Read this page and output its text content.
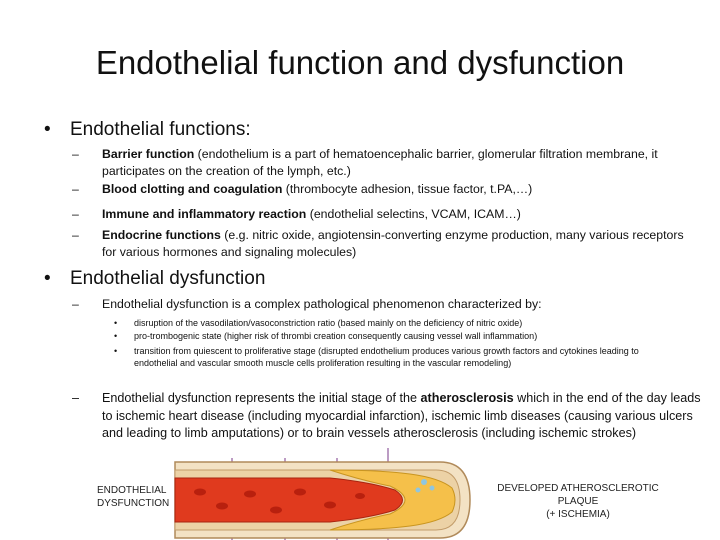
Endothelial function and dysfunction
•	Endothelial functions:
–	Barrier function (endothelium is a part of hematoencephalic barrier, glomerular filtration membrane, it participates on the creation of the lymph, etc.)
–	Blood clotting and coagulation (thrombocyte adhesion, tissue factor, t.PA,…)
–	Immune and inflammatory reaction (endothelial selectins, VCAM, ICAM…)
–	Endocrine functions (e.g. nitric oxide, angiotensin-converting enzyme production, many various receptors for various hormones and signaling molecules)
•	Endothelial dysfunction
–	Endothelial dysfunction is a complex pathological phenomenon characterized by:
•	disruption of the vasodilation/vasoconstriction ratio (based mainly on the deficiency of nitric oxide)
•	pro-trombogenic state (higher risk of thrombi creation consequently causing vessel wall inflammation)
•	transition from quiescent to proliferative stage (disrupted endothelium produces various growth factors and cytokines leading to endothelial and vascular smooth muscle cells proliferation resulting in the vascular remodeling)
–	Endothelial dysfunction represents the initial stage of the atherosclerosis which in the end of the day leads to ischemic heart disease (including myocardial infarction), ischemic limb diseases (causing various ulcers and leading to limb amputations) or to brain vessels atherosclerosis (including ischemic strokes)
ENDOTHELIAL
DYSFUNCTION
DEVELOPED ATHEROSCLEROTIC PLAQUE
(+ ISCHEMIA)
